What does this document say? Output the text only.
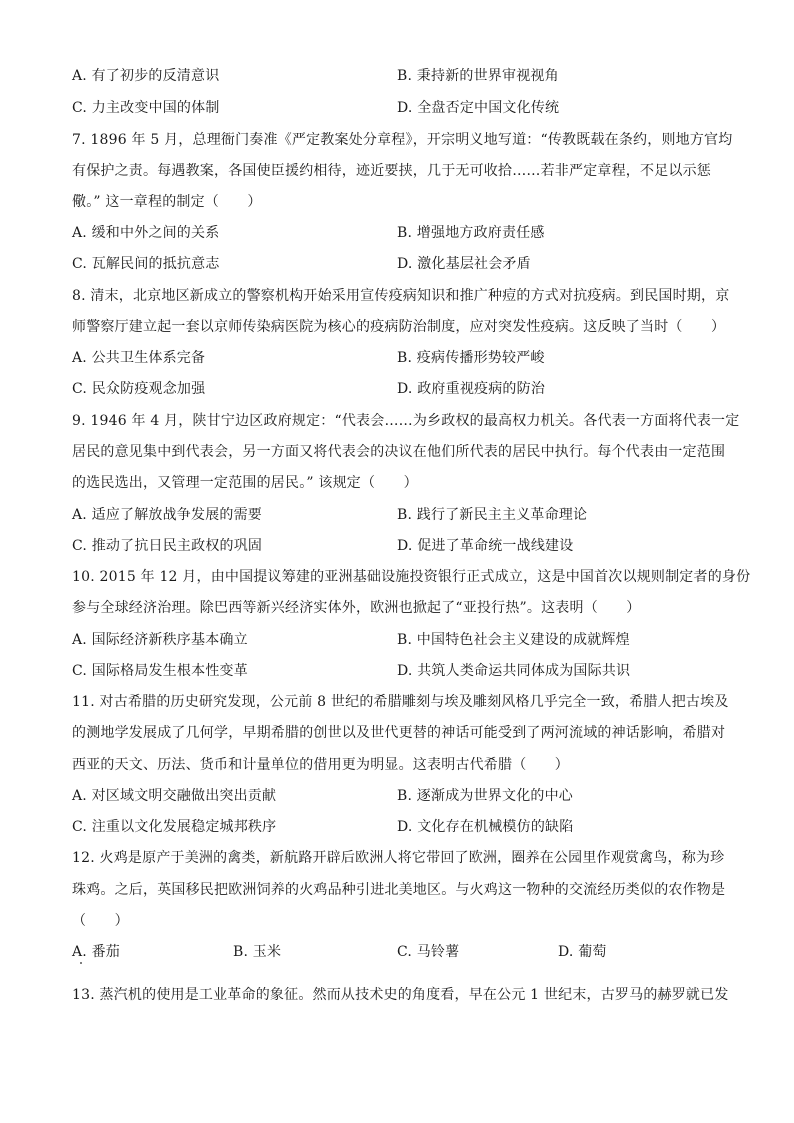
A. 有了初步的反清意识	B. 秉持新的世界审视视角
C. 力主改变中国的体制	D. 全盘否定中国文化传统
7. 1896 年 5 月，总理衙门奏准《严定教案处分章程》，开宗明义地写道：“传教既载在条约，则地方官均
有保护之责。每遇教案，各国使臣援约相待，迹近要挟，几于无可收拾……若非严定章程，不足以示惩
儆。” 这一章程的制定（　　）
A. 缓和中外之间的关系	B. 增强地方政府责任感
C. 瓦解民间的抵抗意志	D. 激化基层社会矛盾
8. 清末，北京地区新成立的警察机构开始采用宣传疫病知识和推广种痘的方式对抗疫病。到民国时期，京
师警察厅建立起一套以京师传染病医院为核心的疫病防治制度，应对突发性疫病。这反映了当时（　　）
A. 公共卫生体系完备	B. 疫病传播形势较严峻
C. 民众防疫观念加强	D. 政府重视疫病的防治
9. 1946 年 4 月，陕甘宁边区政府规定：“代表会……为乡政权的最高权力机关。各代表一方面将代表一定
居民的意见集中到代表会，另一方面又将代表会的决议在他们所代表的居民中执行。每个代表由一定范围
的选民选出，又管理一定范围的居民。” 该规定（　　）
A. 适应了解放战争发展的需要	B. 践行了新民主主义革命理论
C. 推动了抗日民主政权的巩固	D. 促进了革命统一战线建设
10. 2015 年 12 月，由中国提议筹建的亚洲基础设施投资银行正式成立，这是中国首次以规则制定者的身份
参与全球经济治理。除巴西等新兴经济实体外，欧洲也掀起了“亚投行热”。这表明（　　）
A. 国际经济新秩序基本确立	B. 中国特色社会主义建设的成就辉煌
C. 国际格局发生根本性变革	D. 共筑人类命运共同体成为国际共识
11. 对古希腊的历史研究发现，公元前 8 世纪的希腊雕刻与埃及雕刻风格几乎完全一致，希腊人把古埃及
的测地学发展成了几何学，早期希腊的创世以及世代更替的神话可能受到了两河流域的神话影响，希腊对
西亚的天文、历法、货币和计量单位的借用更为明显。这表明古代希腊（　　）
A. 对区域文明交融做出突出贡献	B. 逐渐成为世界文化的中心
C. 注重以文化发展稳定城邦秩序	D. 文化存在机械模仿的缺陷
12. 火鸡是原产于美洲的禽类，新航路开辟后欧洲人将它带回了欧洲，圈养在公园里作观赏禽鸟，称为珍
珠鸡。之后，英国移民把欧洲饲养的火鸡品种引进北美地区。与火鸡这一物种的交流经历类似的农作物是
（　　）
A. 番茄	B. 玉米	C. 马铃薯	D. 葡萄
13. 蒸汽机的使用是工业革命的象征。然而从技术史的角度看，早在公元 1 世纪末，古罗马的赫罗就已发
